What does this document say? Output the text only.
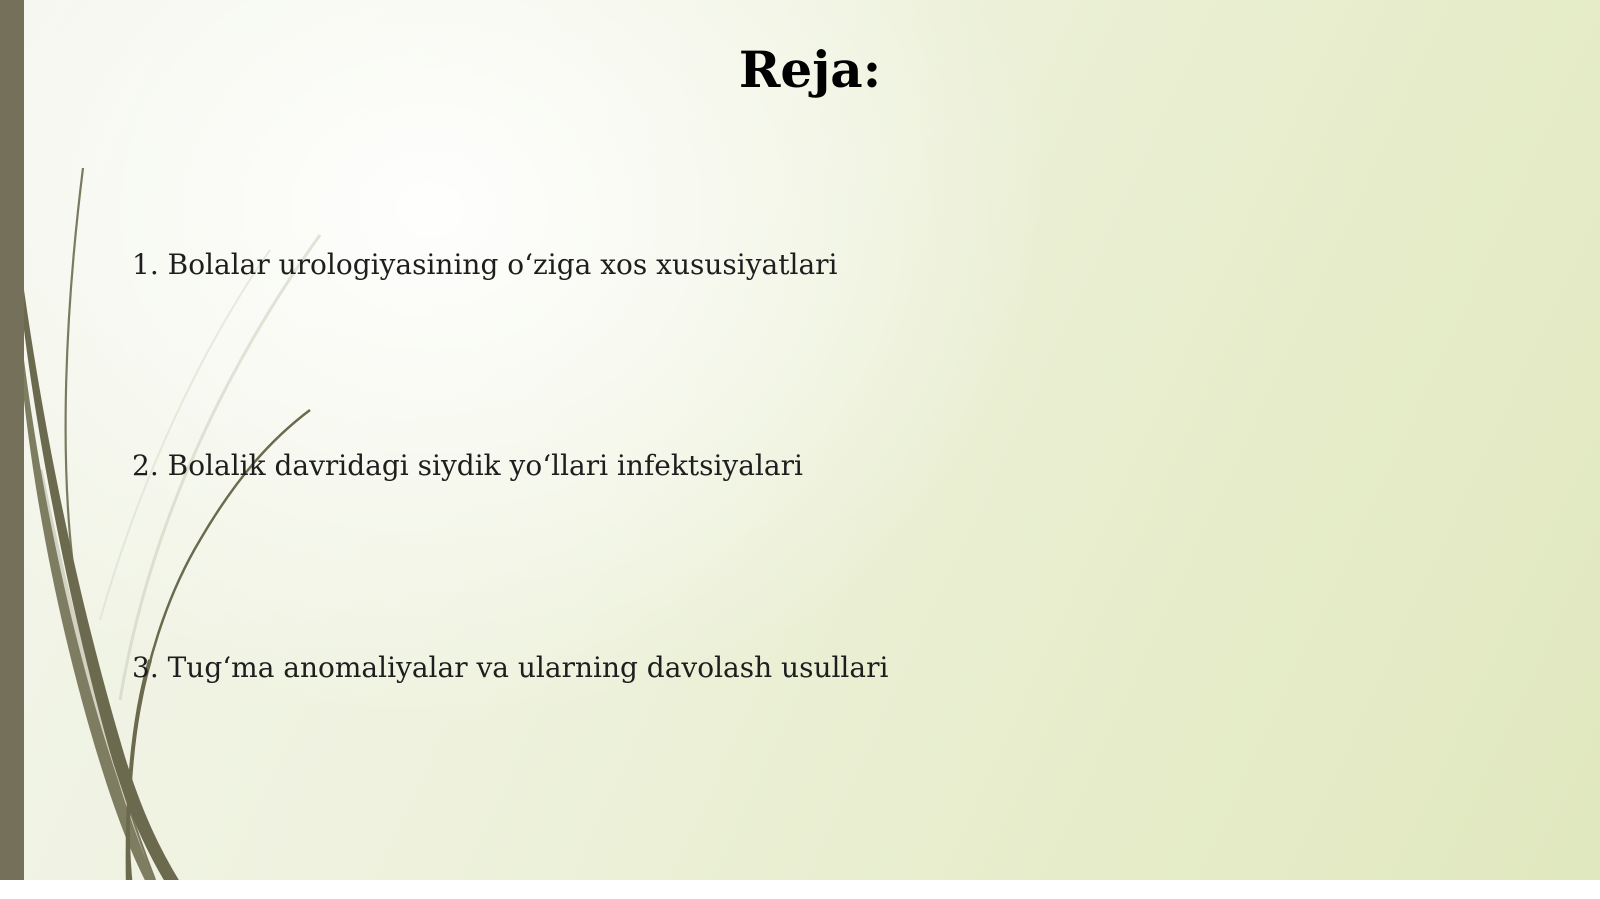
Reja:

1. Bolalar urologiyasining o‘ziga xos xususiyatlari

2. Bolalik davridagi siydik yo‘llari infektsiyalari

3. Tug‘ma anomaliyalar va ularning davolash usullari
